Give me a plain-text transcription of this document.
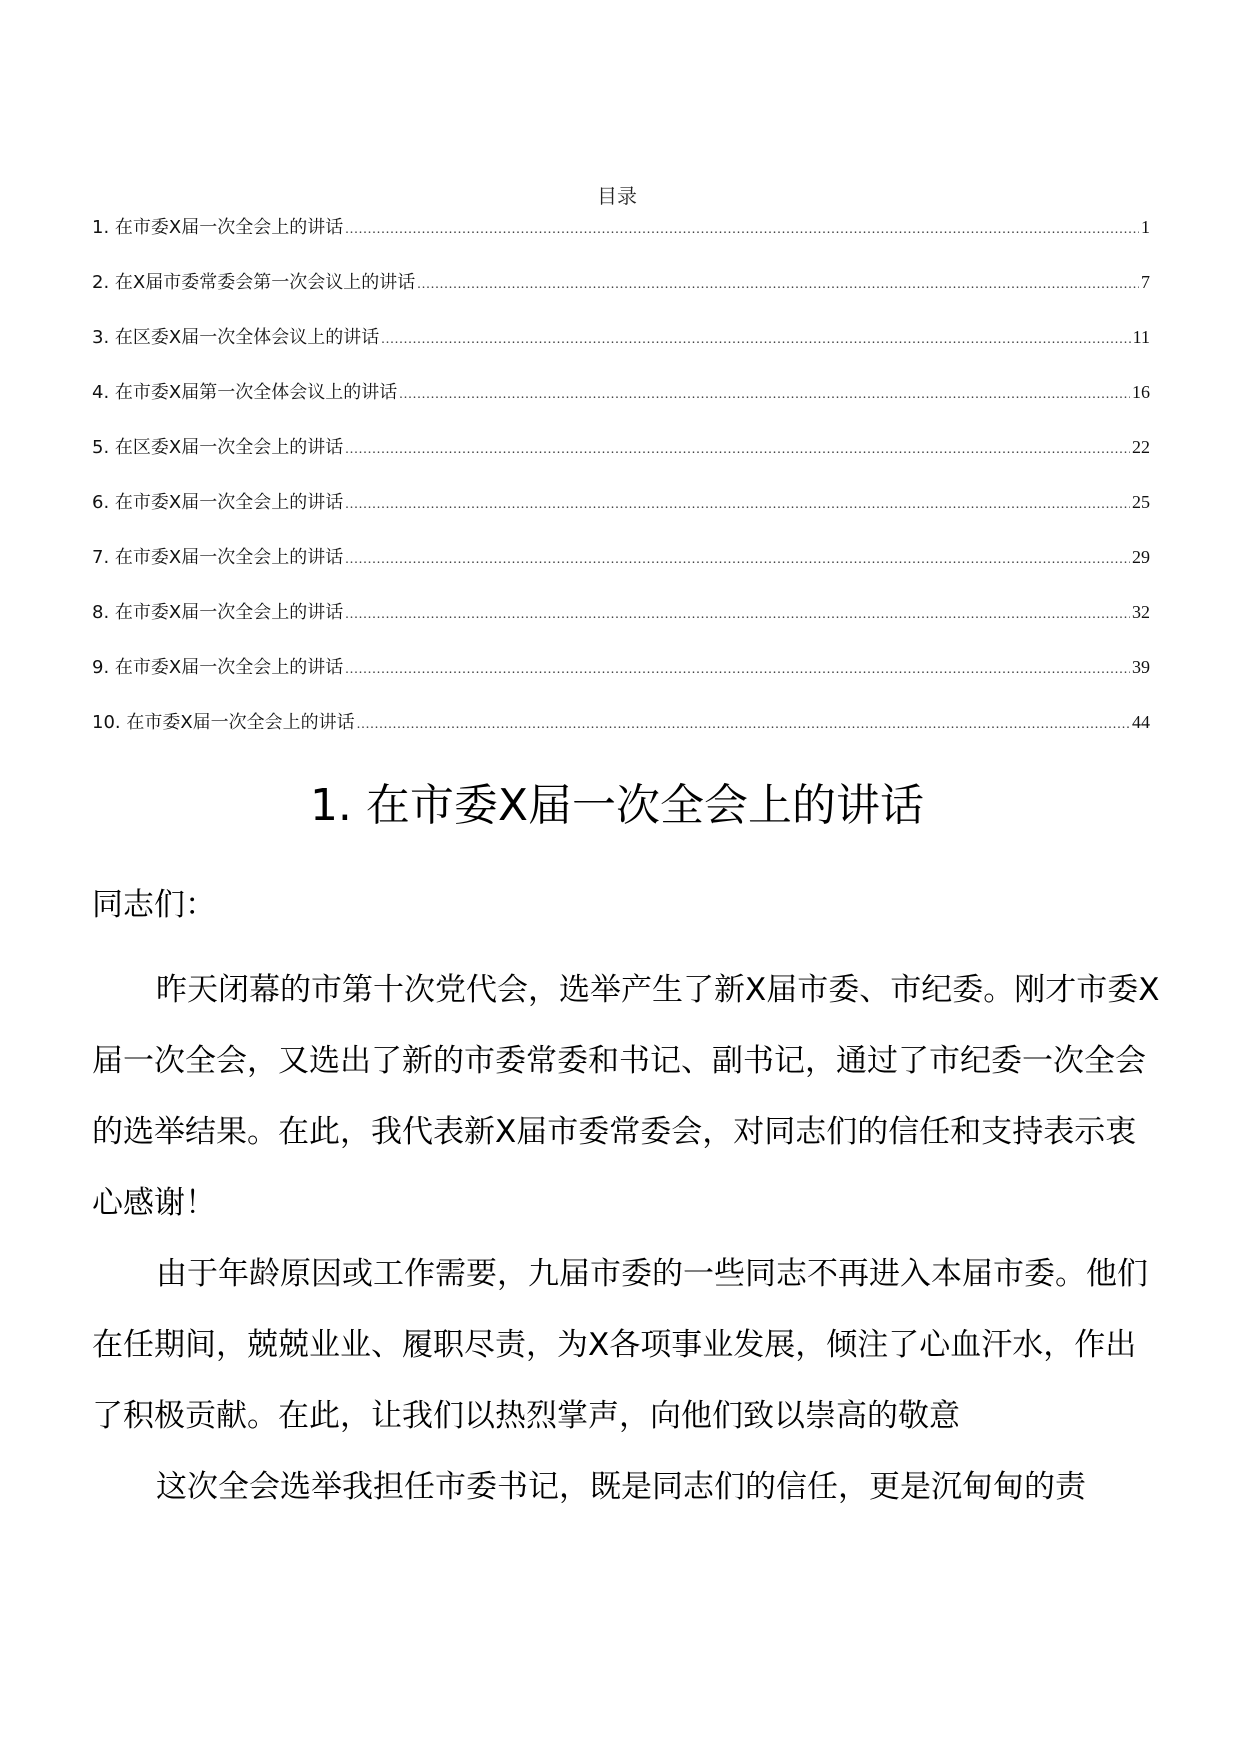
目录
1. 在市委X届一次全会上的讲话 .....	1
2. 在X届市委常委会第一次会议上的讲话 .....	7
3. 在区委X届一次全体会议上的讲话 .....	11
4. 在市委X届第一次全体会议上的讲话 .....	16
5. 在区委X届一次全会上的讲话 .....	22
6. 在市委X届一次全会上的讲话 .....	25
7. 在市委X届一次全会上的讲话 .....	29
8. 在市委X届一次全会上的讲话 .....	32
9. 在市委X届一次全会上的讲话 .....	39
10. 在市委X届一次全会上的讲话 .....	44
1. 在市委X届一次全会上的讲话

同志们：

昨天闭幕的市第十次党代会，选举产生了新X届市委、市纪委。刚才市委X届一次全会，又选出了新的市委常委和书记、副书记，通过了市纪委一次全会的选举结果。在此，我代表新X届市委常委会，对同志们的信任和支持表示衷心感谢！

由于年龄原因或工作需要，九届市委的一些同志不再进入本届市委。他们在任期间，兢兢业业、履职尽责，为X各项事业发展，倾注了心血汗水，作出了积极贡献。在此，让我们以热烈掌声，向他们致以崇高的敬意

这次全会选举我担任市委书记，既是同志们的信任，更是沉甸甸的责
